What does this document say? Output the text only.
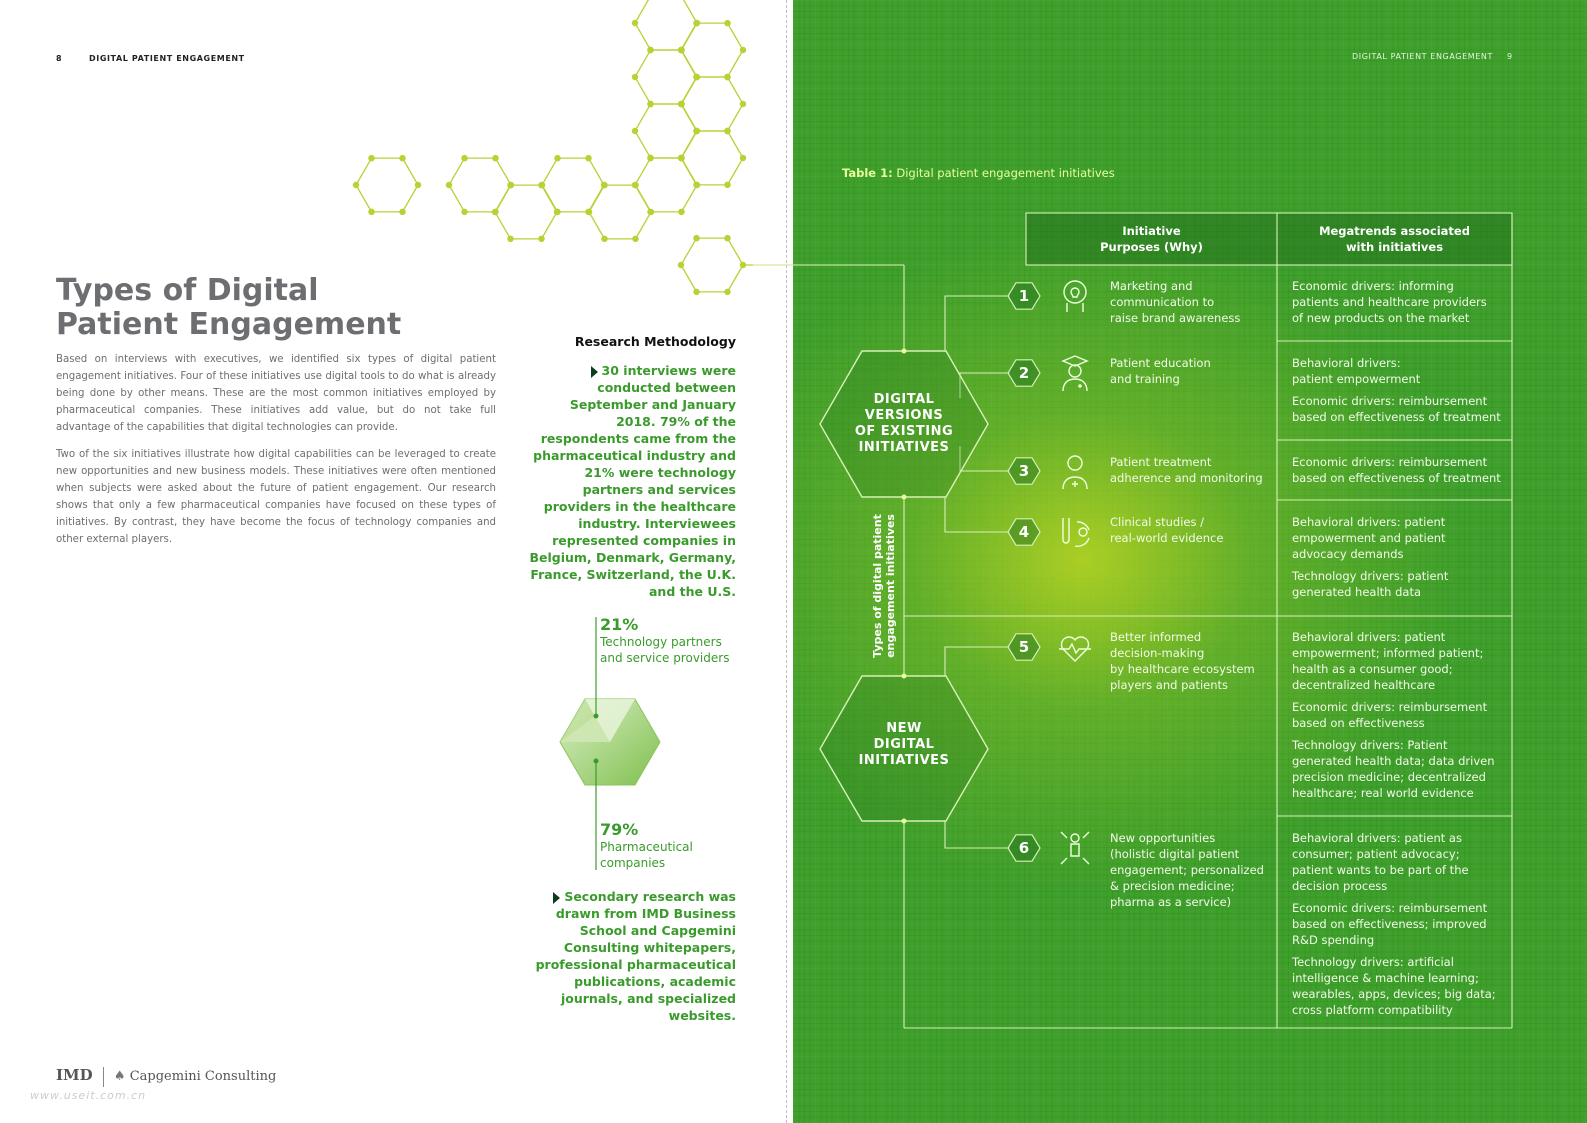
8	DIGITAL PATIENT ENGAGEMENT
Types of Digital
Patient Engagement
Based on interviews with executives, we identified six types of digital patient engagement initiatives. Four of these initiatives use digital tools to do what is already being done by other means. These are the most common initiatives employed by pharmaceutical companies. These initiatives add value, but do not take full advantage of the capabilities that digital technologies can provide.
Two of the six initiatives illustrate how digital capabilities can be leveraged to create new opportunities and new business models. These initiatives were often mentioned when subjects were asked about the future of patient engagement. Our research shows that only a few pharmaceutical companies have focused on these types of initiatives. By contrast, they have become the focus of technology companies and other external players.
Research Methodology
30 interviews were conducted between September and January 2018. 79% of the respondents came from the pharmaceutical industry and 21% were technology partners and services providers in the healthcare industry. Interviewees represented companies in Belgium, Denmark, Germany, France, Switzerland, the U.K. and the U.S.
21%
Technology partners
and service providers
79%
Pharmaceutical
companies
Secondary research was drawn from IMD Business School and Capgemini Consulting whitepapers, professional pharmaceutical publications, academic journals, and specialized websites.
IMD ♠ Capgemini Consulting
www.useit.com.cn
DIGITAL PATIENT ENGAGEMENT 9
Table 1: Digital patient engagement initiatives
Initiative
Purposes (Why)
Megatrends associated
with initiatives
DIGITAL
VERSIONS
OF EXISTING
INITIATIVES
NEW
DIGITAL
INITIATIVES
Types of digital patient engagement initiatives
1
Marketing and
communication to
raise brand awareness
Economic drivers: informing
patients and healthcare providers
of new products on the market
2
Patient education
and training
Behavioral drivers:
patient empowerment
Economic drivers: reimbursement
based on effectiveness of treatment
3	Patient treatment
adherence and monitoring
Economic drivers: reimbursement
based on effectiveness of treatment
4
Clinical studies /
real-world evidence
Behavioral drivers: patient
empowerment and patient
advocacy demands
Technology drivers: patient
generated health data
5
Better informed
decision-making
by healthcare ecosystem
players and patients
Behavioral drivers: patient
empowerment; informed patient;
health as a consumer good;
decentralized healthcare
Economic drivers: reimbursement
based on effectiveness
Technology drivers: Patient
generated health data; data driven
precision medicine; decentralized
healthcare; real world evidence
6
New opportunities
(holistic digital patient
engagement; personalized
& precision medicine;
pharma as a service)
Behavioral drivers: patient as
consumer; patient advocacy;
patient wants to be part of the
decision process
Economic drivers: reimbursement
based on effectiveness; improved
R&D spending
Technology drivers: artificial
intelligence & machine learning;
wearables, apps, devices; big data;
cross platform compatibility
